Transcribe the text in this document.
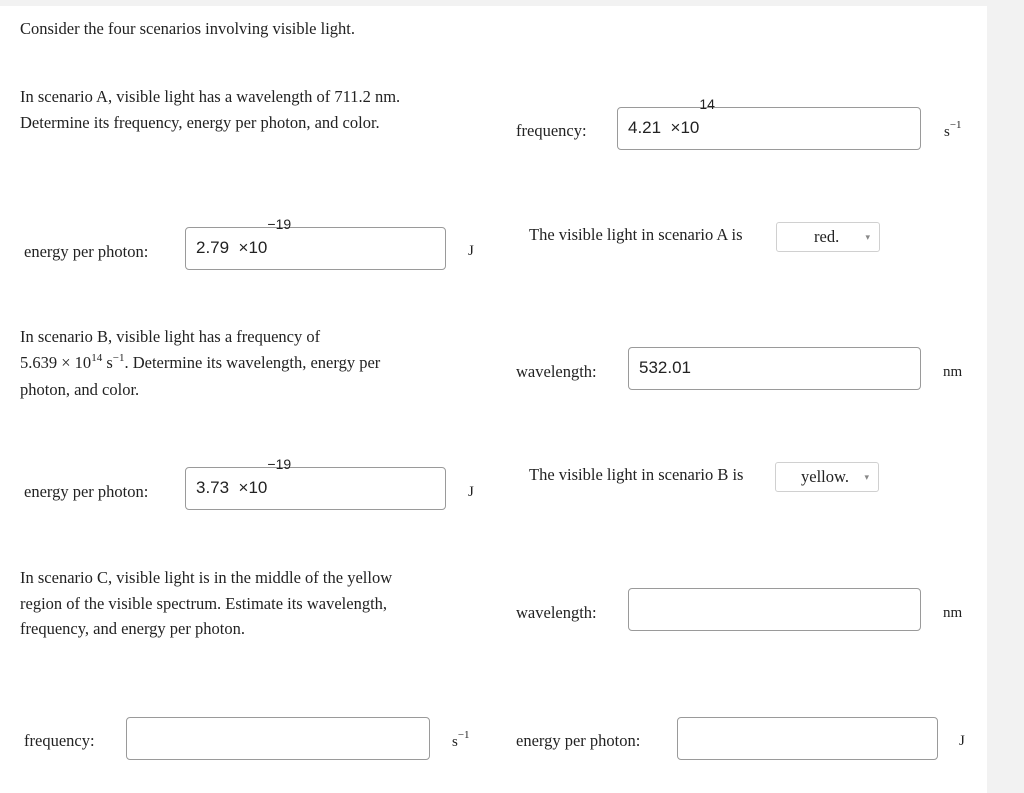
Consider the four scenarios involving visible light.
In scenario A, visible light has a wavelength of 711.2 nm.
Determine its frequency, energy per photon, and color.	frequency:	$4.21 \times 10^{14}$
$s^{-1}$
energy per photon:	$2.79 \times 10^{-19}$
J
The visible light in scenario A is	red.	▾
In scenario B, visible light has a frequency of
$5.639 \times 10^{14}$ $s^{-1}$. Determine its wavelength, energy per
photon, and color.
wavelength:	532.01	nm
energy per photon:	$3.73 \times 10^{-19}$
J
The visible light in scenario B is	yellow. ▾
In scenario C, visible light is in the middle of the yellow
region of the visible spectrum. Estimate its wavelength,
frequency, and energy per photon.
wavelength:	nm
frequency:	$s^{-1}$	energy per photon:	J
